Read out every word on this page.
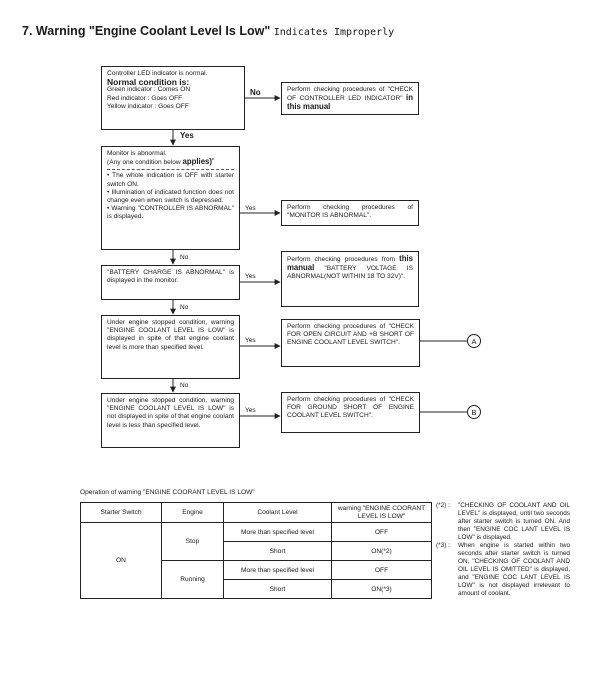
7. Warning "Engine Coolant Level Is Low" Indicates Improperly
Controller LED indicator is normal.
Normal condition is:
Green indicator : Comes ON
Red indicator : Goes OFF
Yellow indicator : Goes OFF
No	Perform checking procedures of "CHECK OF CONTROLLER LED INDICATOR" in this manual
Yes
Monitor is abnormal.
(Any one condition below applies)'
• The whole indication is OFF with starter switch ON.
• Illumination of indicated function does not change even when switch is depressed.
• Warning "CONTROLLER IS ABNORMAL" is displayed.
Yes	Perform checking procedures of "MONITOR IS ABNORMAL".
No
"BATTERY CHARGE IS ABNORMAL" is displayed in the monitor.
Yes
Perform checking procedures from this manual "BATTERY VOLTAGE IS ABNORMAL(NOT WITHIN 18 TO 32V)".
No
Under engine stopped condition, warning "ENGINE COOLANT LEVEL IS LOW" is displayed in spite of that engine coolant level is more than specified level.
Yes
Perform checking procedures of "CHECK FOR OPEN CIRCUIT AND +B SHORT OF ENGINE COOLANT LEVEL SWITCH".	A
No
Under engine stopped condition, warning "ENGINE COOLANT LEVEL IS LOW" is not displayed in spite of that engine coolant level is less than specified level.
Yes
Perform checking procedures of "CHECK FOR GROUND SHORT OF ENGINE COOLANT LEVEL SWITCH".	B
Operation of warning "ENGINE COORANT LEVEL IS LOW"
Starter Switch	Engine	Coolant Level	warning "ENGINE COORANT LEVEL IS LOW"
ON	Stop	More than specified level	OFF
		Short	ON(*2)
	Running	More than specified level	OFF
		Short	ON(*3)
(*2) :	"CHECKING OF COOLANT AND OIL LEVEL" is displayed, until two seconds after starter switch is turned ON. And then "ENGINE COC LANT LEVEL IS LOW" is displayed.
(*3) :	When engine is started within two seconds after starter switch is turned ON, "CHECKING OF COOLANT AND OIL LEVEL IS OMITTED" is displayed, and "ENGINE COC LANT LEVEL IS LOW" is not displayed irrelevant to amount of coolant.
